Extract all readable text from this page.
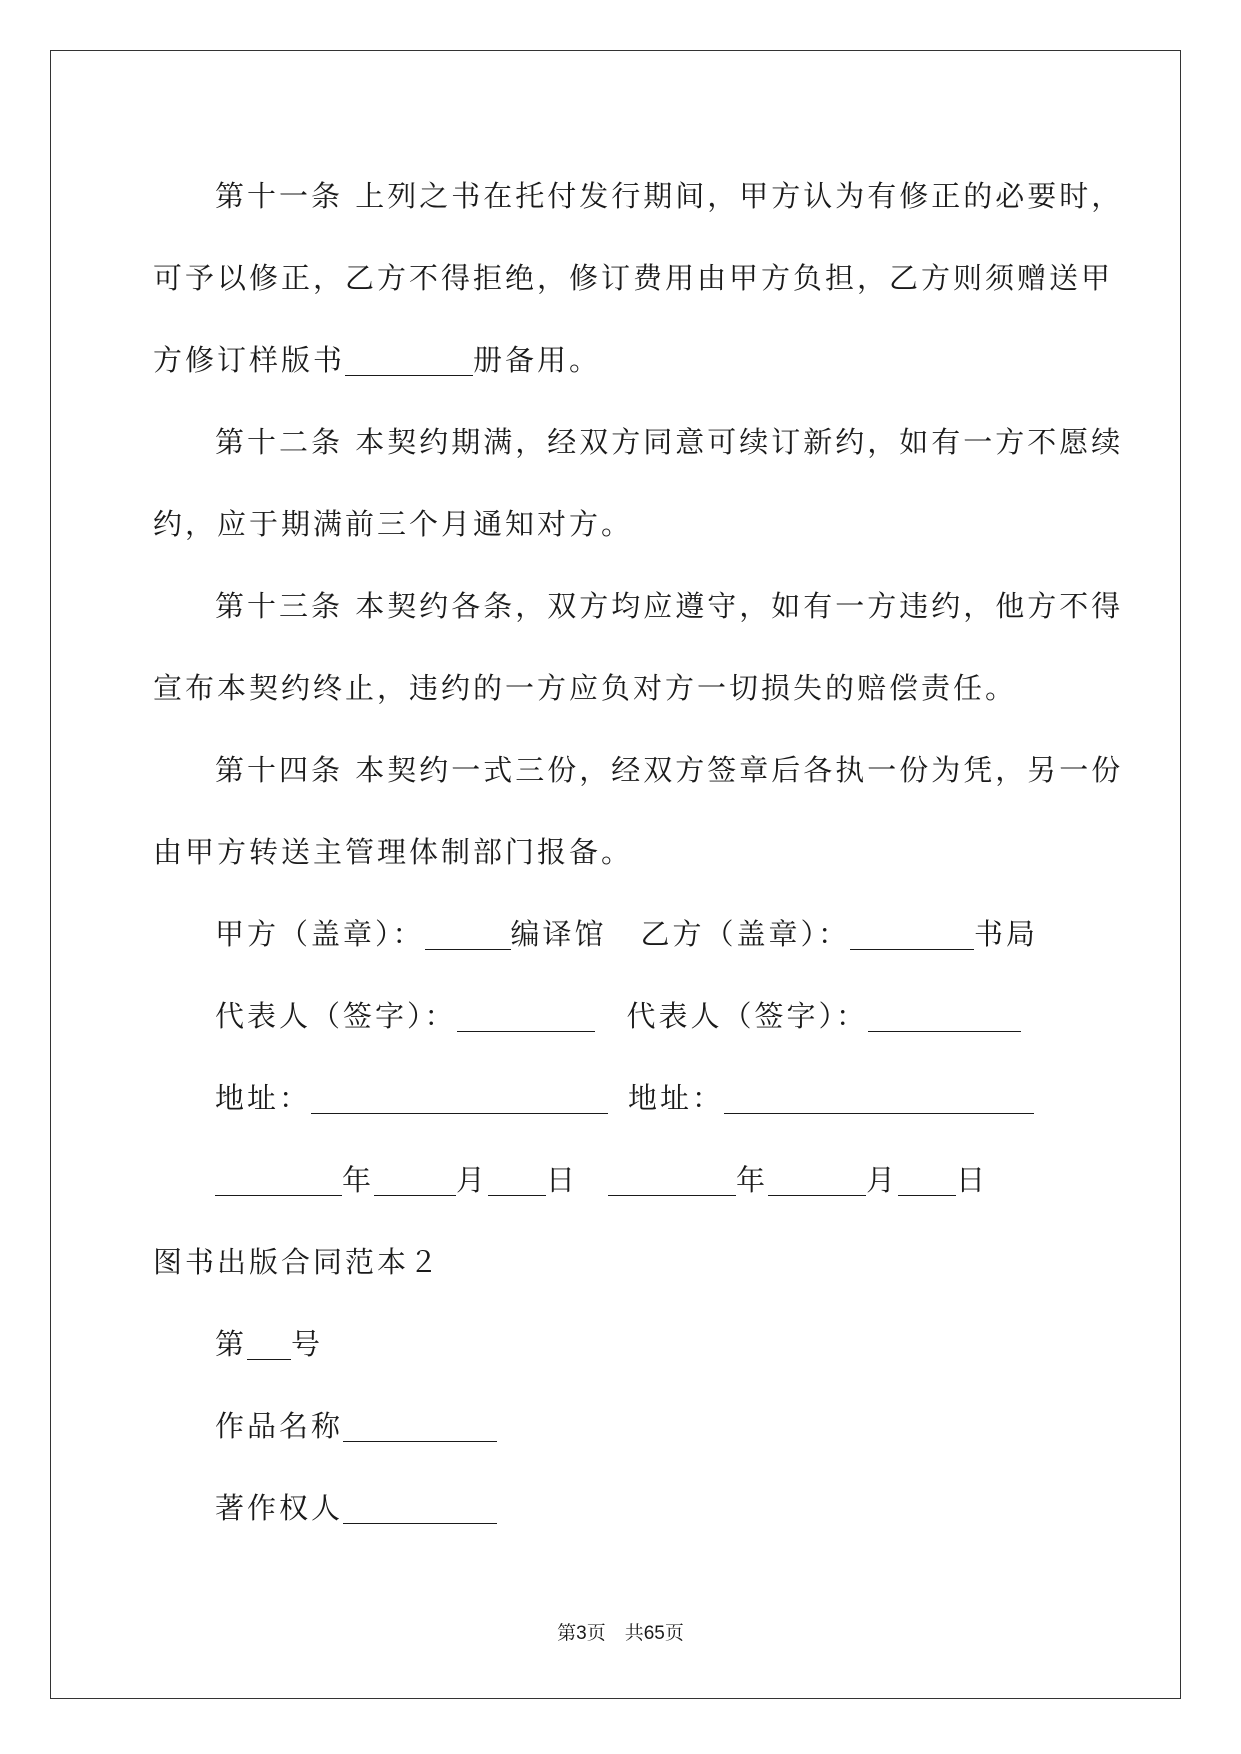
第十一条 上列之书在托付发行期间，甲方认为有修正的必要时，

可予以修正，乙方不得拒绝，修订费用由甲方负担，乙方则须赠送甲

方修订样版书	册备用。

第十二条 本契约期满，经双方同意可续订新约，如有一方不愿续

约，应于期满前三个月通知对方。

第十三条 本契约各条，双方均应遵守，如有一方违约，他方不得

宣布本契约终止，违约的一方应负对方一切损失的赔偿责任。

第十四条 本契约一式三份，经双方签章后各执一份为凭，另一份

由甲方转送主管理体制部门报备。

甲方（盖章）：	编译馆 乙方（盖章）：	书局

代表人（签字）：	代表人（签字）：

地址：	地址：

年	月 日	年	月 日

图书出版合同范本２

第 号

作品名称

著作权人

第3页　共65页
